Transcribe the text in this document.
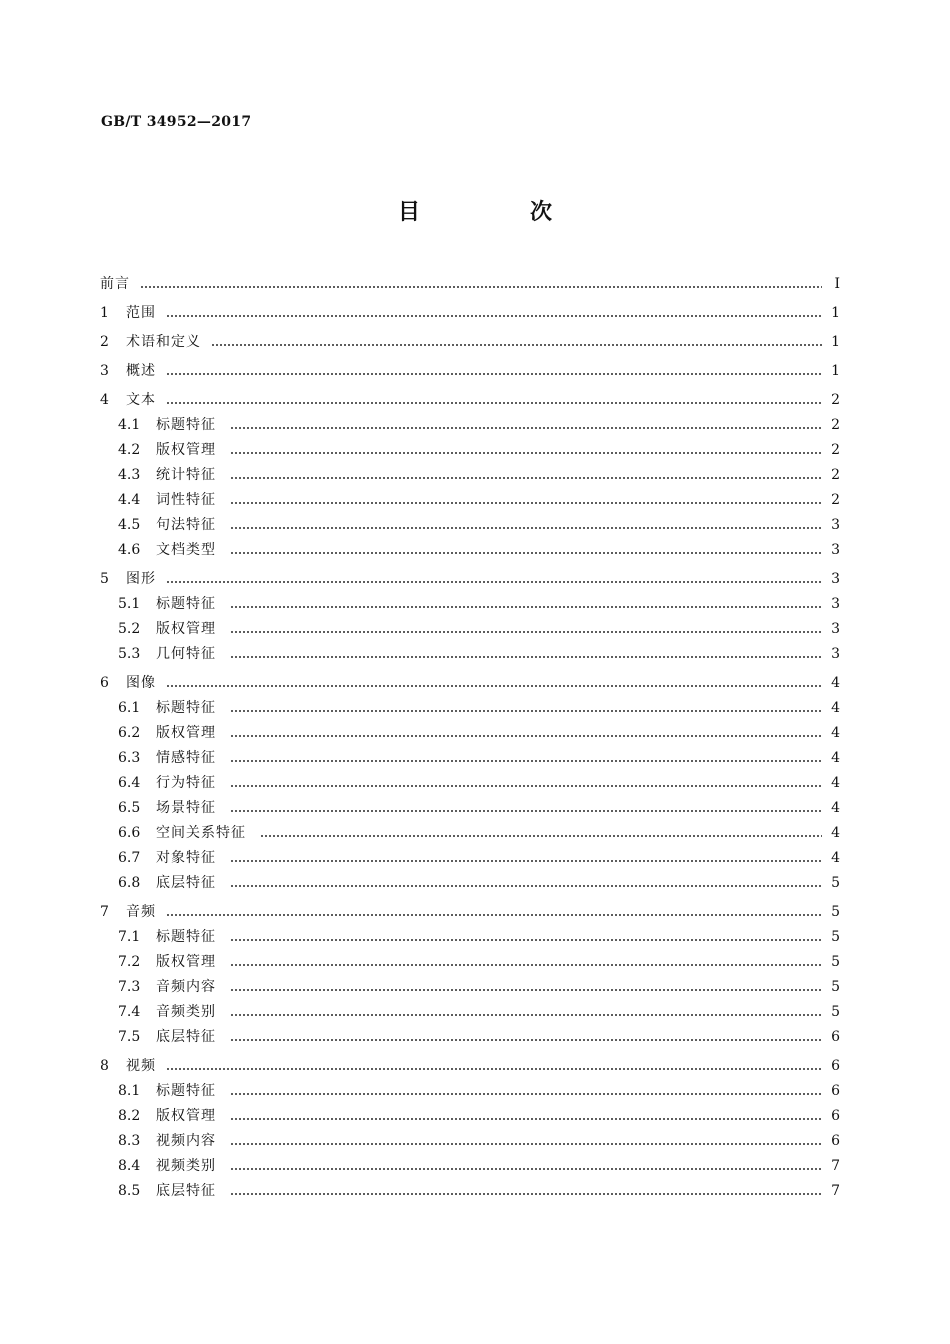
GB/T 34952—2017
目　次
前言	Ⅰ
1	范围	1
2	术语和定义	1
3	概述	1
4	文本	2
4.1	标题特征	2
4.2	版权管理	2
4.3	统计特征	2
4.4	词性特征	2
4.5	句法特征	3
4.6	文档类型	3
5	图形	3
5.1	标题特征	3
5.2	版权管理	3
5.3	几何特征	3
6	图像	4
6.1	标题特征	4
6.2	版权管理	4
6.3	情感特征	4
6.4	行为特征	4
6.5	场景特征	4
6.6	空间关系特征	4
6.7	对象特征	4
6.8	底层特征	5
7	音频	5
7.1	标题特征	5
7.2	版权管理	5
7.3	音频内容	5
7.4	音频类别	5
7.5	底层特征	6
8	视频	6
8.1	标题特征	6
8.2	版权管理	6
8.3	视频内容	6
8.4	视频类别	7
8.5	底层特征	7
